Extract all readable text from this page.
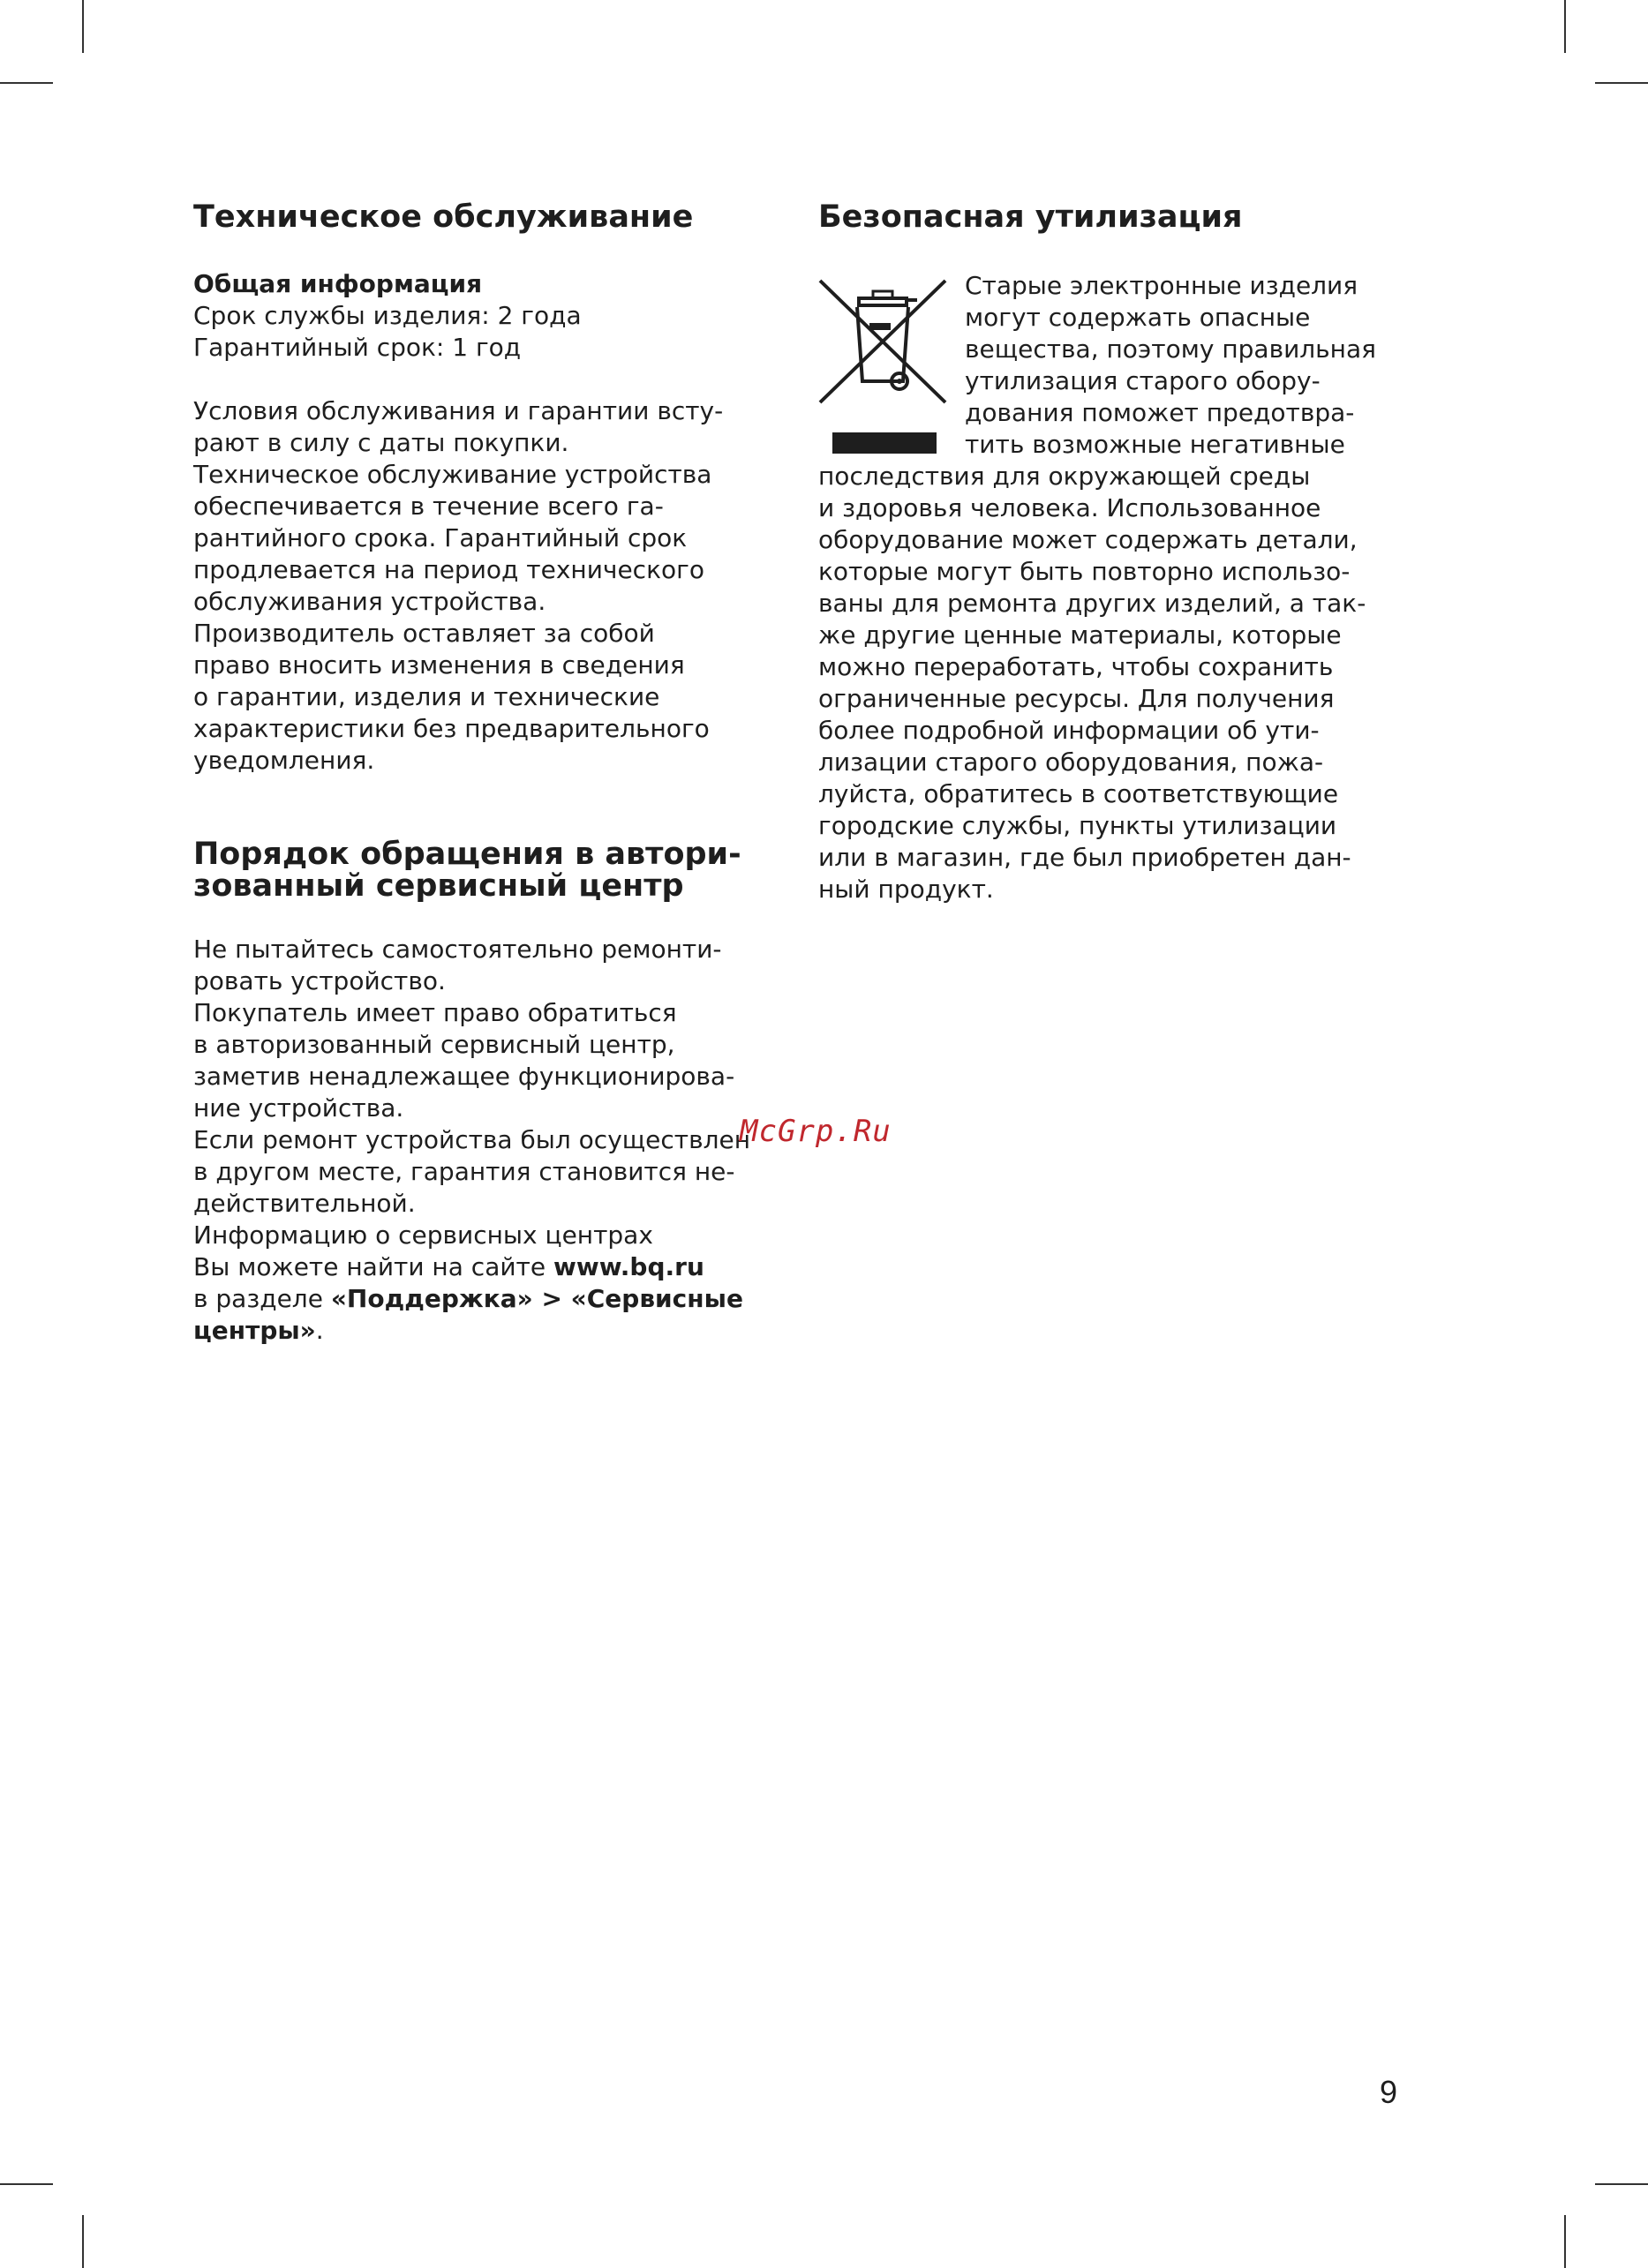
Техническое обслуживание

Общая информация

Срок службы изделия: 2 года
Гарантийный срок: 1 год

Условия обслуживания и гарантии всту-
pают в силу с даты покупки.
Техническое обслуживание устройства
обеспечивается в течение всего га-
рантийного срока. Гарантийный срок
продлевается на период технического
обслуживания устройства.
Производитель оставляет за собой
право вносить изменения в сведения
о гарантии, изделия и технические
характеристики без предварительного
уведомления.

Порядок обращения в автори-
зованный сервисный центр

Не пытайтесь самостоятельно ремонти-
ровать устройство.
Покупатель имеет право обратиться
в авторизованный сервисный центр,
заметив ненадлежащее функционирова-
ние устройства.
Если ремонт устройства был осуществлен
в другом месте, гарантия становится не-
действительной.
Информацию о сервисных центрах

Вы можете найти на сайте www.bq.ru

в разделе «Поддержка» > «Сервисные

центры».

Безопасная утилизация

Старые электронные изделия
могут содержать опасные
вещества, поэтому правильная
утилизация старого обору-
дования поможет предотвра-
тить возможные негативные
последствия для окружающей среды
и здоровья человека. Использованное
оборудование может содержать детали,
которые могут быть повторно использо-
ваны для ремонта других изделий, а так-
же другие ценные материалы, которые
можно переработать, чтобы сохранить
ограниченные ресурсы. Для получения
более подробной информации об ути-
лизации старого оборудования, пожа-
луйста, обратитесь в соответствующие
городские службы, пункты утилизации
или в магазин, где был приобретен дан-
ный продукт.

McGrp.Ru
9
